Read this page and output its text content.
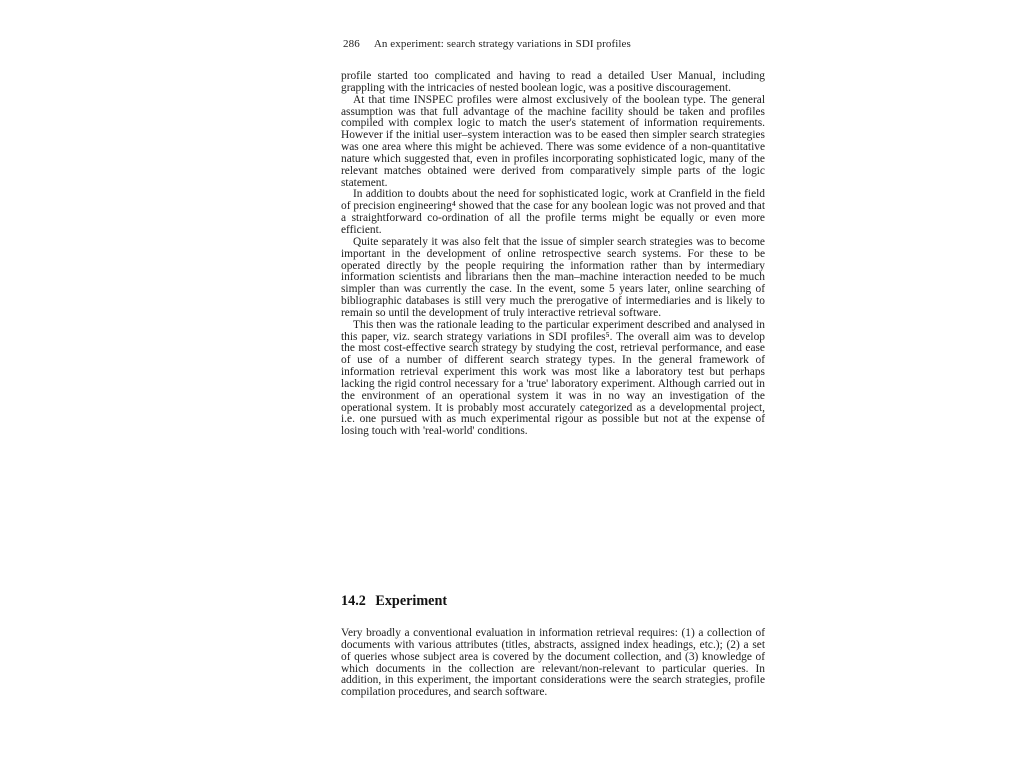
286 An experiment: search strategy variations in SDI profiles

profile started too complicated and having to read a detailed User Manual, including grappling with the intricacies of nested boolean logic, was a positive discouragement.

At that time INSPEC profiles were almost exclusively of the boolean type. The general assumption was that full advantage of the machine facility should be taken and profiles compiled with complex logic to match the user's statement of information requirements. However if the initial user–system interaction was to be eased then simpler search strategies was one area where this might be achieved. There was some evidence of a non-quantitative nature which suggested that, even in profiles incorporating sophisticated logic, many of the relevant matches obtained were derived from comparatively simple parts of the logic statement.

In addition to doubts about the need for sophisticated logic, work at Cranfield in the field of precision engineering⁴ showed that the case for any boolean logic was not proved and that a straightforward co-ordination of all the profile terms might be equally or even more efficient.

Quite separately it was also felt that the issue of simpler search strategies was to become important in the development of online retrospective search systems. For these to be operated directly by the people requiring the information rather than by intermediary information scientists and librarians then the man–machine interaction needed to be much simpler than was currently the case. In the event, some 5 years later, online searching of bibliographic databases is still very much the prerogative of intermediaries and is likely to remain so until the development of truly interactive retrieval software.

This then was the rationale leading to the particular experiment described and analysed in this paper, viz. search strategy variations in SDI profiles⁵. The overall aim was to develop the most cost-effective search strategy by studying the cost, retrieval performance, and ease of use of a number of different search strategy types. In the general framework of information retrieval experiment this work was most like a laboratory test but perhaps lacking the rigid control necessary for a 'true' laboratory experiment. Although carried out in the environment of an operational system it was in no way an investigation of the operational system. It is probably most accurately categorized as a developmental project, i.e. one pursued with as much experimental rigour as possible but not at the expense of losing touch with 'real-world' conditions.

14.2 Experiment

Very broadly a conventional evaluation in information retrieval requires: (1) a collection of documents with various attributes (titles, abstracts, assigned index headings, etc.); (2) a set of queries whose subject area is covered by the document collection, and (3) knowledge of which documents in the collection are relevant/non-relevant to particular queries. In addition, in this experiment, the important considerations were the search strategies, profile compilation procedures, and search software.
